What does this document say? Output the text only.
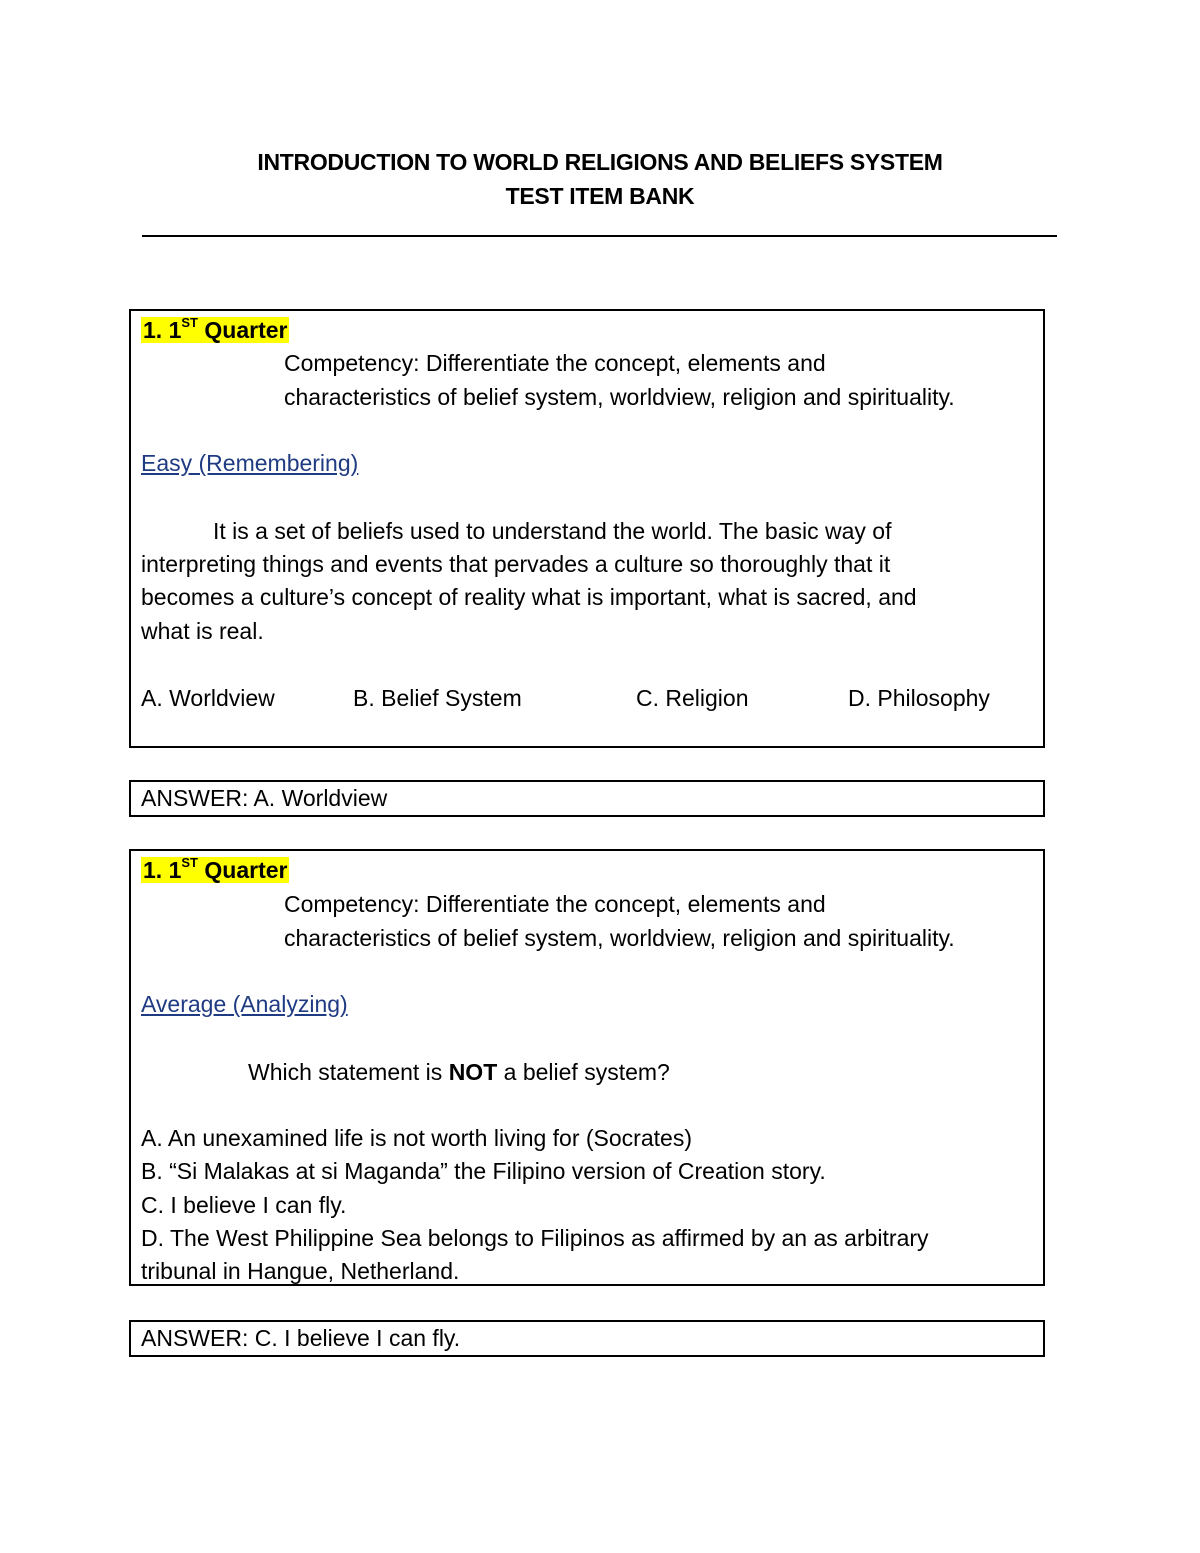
INTRODUCTION TO WORLD RELIGIONS AND BELIEFS SYSTEM
TEST ITEM BANK
1. 1ST Quarter
Competency: Differentiate the concept, elements and
characteristics of belief system, worldview, religion and spirituality.
Easy (Remembering)
It is a set of beliefs used to understand the world. The basic way of
interpreting things and events that pervades a culture so thoroughly that it
becomes a culture’s concept of reality what is important, what is sacred, and
what is real.
A. Worldview	B. Belief System	C. Religion	D. Philosophy
ANSWER: A. Worldview
1. 1ST Quarter
Competency: Differentiate the concept, elements and
characteristics of belief system, worldview, religion and spirituality.
Average (Analyzing)
Which statement is NOT a belief system?
A. An unexamined life is not worth living for (Socrates)
B. “Si Malakas at si Maganda” the Filipino version of Creation story.
C. I believe I can fly.
D. The West Philippine Sea belongs to Filipinos as affirmed by an as arbitrary
tribunal in Hangue, Netherland.
ANSWER: C. I believe I can fly.
